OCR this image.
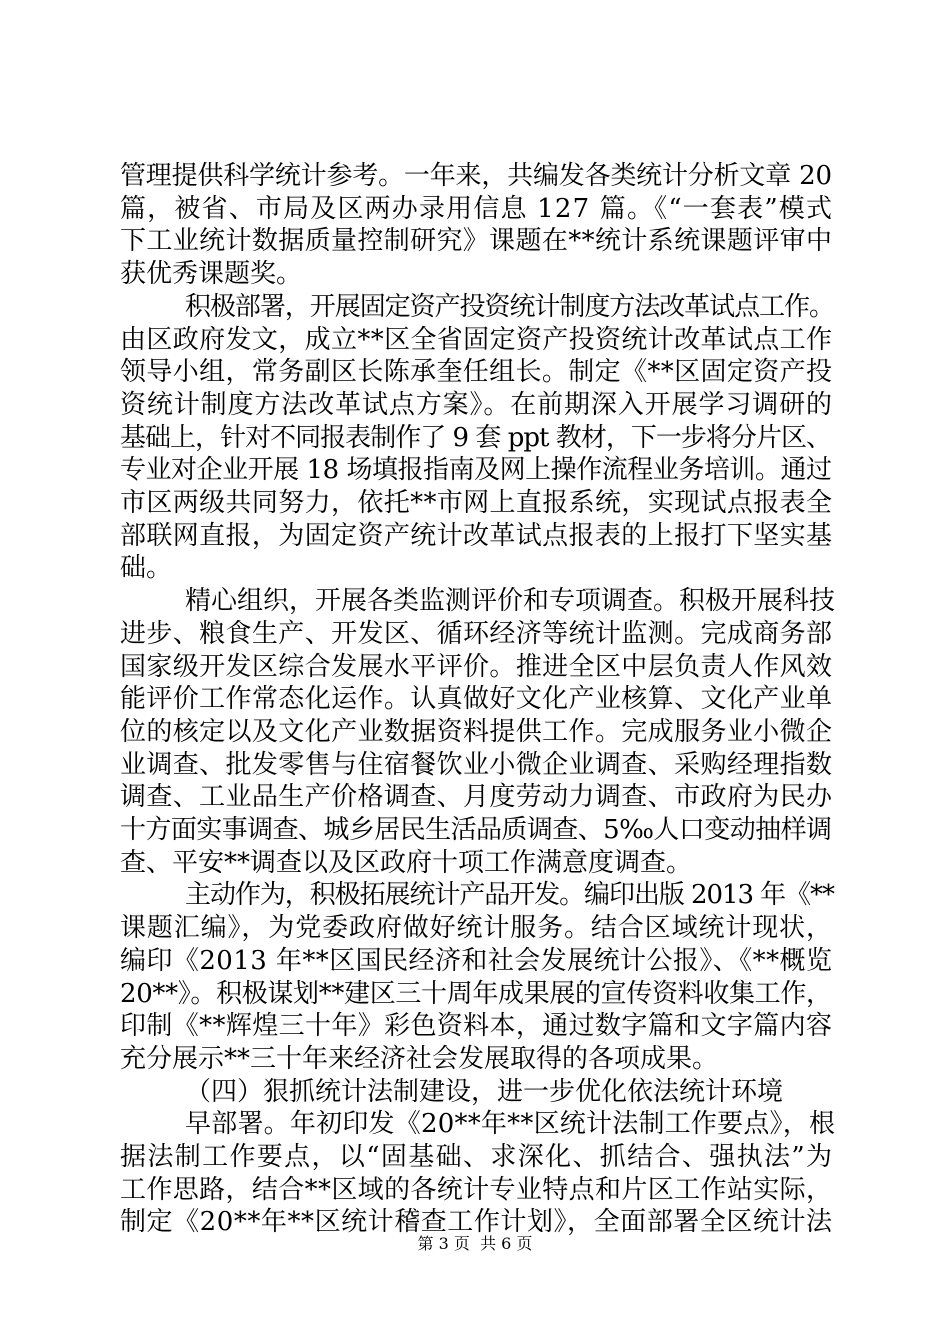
管理提供科学统计参考。一年来，共编发各类统计分析文章 20
篇，被省、市局及区两办录用信息 127 篇。《“一套表”模式
下工业统计数据质量控制研究》课题在**统计系统课题评审中
获优秀课题奖。
积极部署，开展固定资产投资统计制度方法改革试点工作。
由区政府发文，成立**区全省固定资产投资统计改革试点工作
领导小组，常务副区长陈承奎任组长。制定《**区固定资产投
资统计制度方法改革试点方案》。在前期深入开展学习调研的
基础上，针对不同报表制作了 9 套 ppt 教材，下一步将分片区、
专业对企业开展 18 场填报指南及网上操作流程业务培训。通过
市区两级共同努力，依托**市网上直报系统，实现试点报表全
部联网直报，为固定资产统计改革试点报表的上报打下坚实基
础。
精心组织，开展各类监测评价和专项调查。积极开展科技
进步、粮食生产、开发区、循环经济等统计监测。完成商务部
国家级开发区综合发展水平评价。推进全区中层负责人作风效
能评价工作常态化运作。认真做好文化产业核算、文化产业单
位的核定以及文化产业数据资料提供工作。完成服务业小微企
业调查、批发零售与住宿餐饮业小微企业调查、采购经理指数
调查、工业品生产价格调查、月度劳动力调查、市政府为民办
十方面实事调查、城乡居民生活品质调查、5‰人口变动抽样调
查、平安**调查以及区政府十项工作满意度调查。
主动作为，积极拓展统计产品开发。编印出版 2013 年《**
课题汇编》，为党委政府做好统计服务。结合区域统计现状，
编印《2013 年**区国民经济和社会发展统计公报》、《**概览
20**》。积极谋划**建区三十周年成果展的宣传资料收集工作，
印制《**辉煌三十年》彩色资料本，通过数字篇和文字篇内容
充分展示**三十年来经济社会发展取得的各项成果。
（四）狠抓统计法制建设，进一步优化依法统计环境
早部署。年初印发《20**年**区统计法制工作要点》，根
据法制工作要点，以“固基础、求深化、抓结合、强执法”为
工作思路，结合**区域的各统计专业特点和片区工作站实际，
制定《20**年**区统计稽查工作计划》，全面部署全区统计法
第 3 页  共 6 页
